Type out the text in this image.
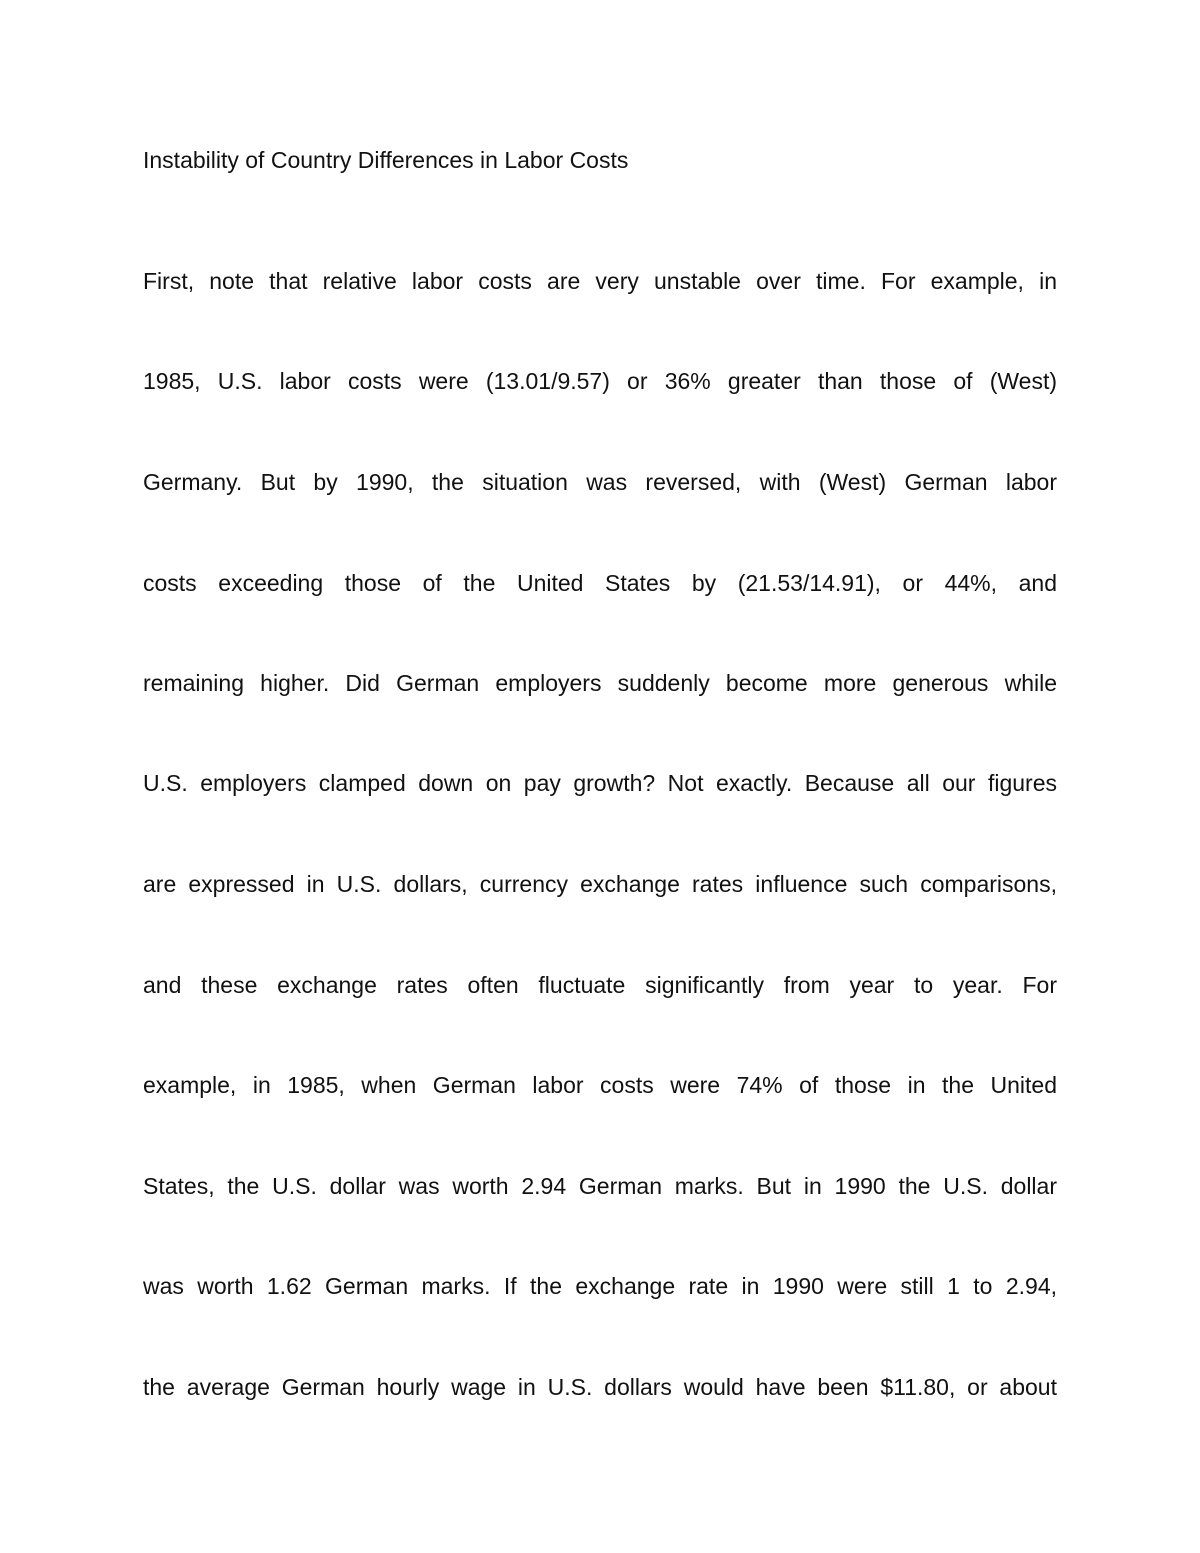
Instability of Country Differences in Labor Costs
First, note that relative labor costs are very unstable over time. For example, in
1985, U.S. labor costs were (13.01/9.57) or 36% greater than those of (West)
Germany. But by 1990, the situation was reversed, with (West) German labor
costs exceeding those of the United States by (21.53/14.91), or 44%, and
remaining higher. Did German employers suddenly become more generous while
U.S. employers clamped down on pay growth? Not exactly. Because all our figures
are expressed in U.S. dollars, currency exchange rates influence such comparisons,
and these exchange rates often fluctuate significantly from year to year. For
example, in 1985, when German labor costs were 74% of those in the United
States, the U.S. dollar was worth 2.94 German marks. But in 1990 the U.S. dollar
was worth 1.62 German marks. If the exchange rate in 1990 were still 1 to 2.94,
the average German hourly wage in U.S. dollars would have been $11.80, or about
